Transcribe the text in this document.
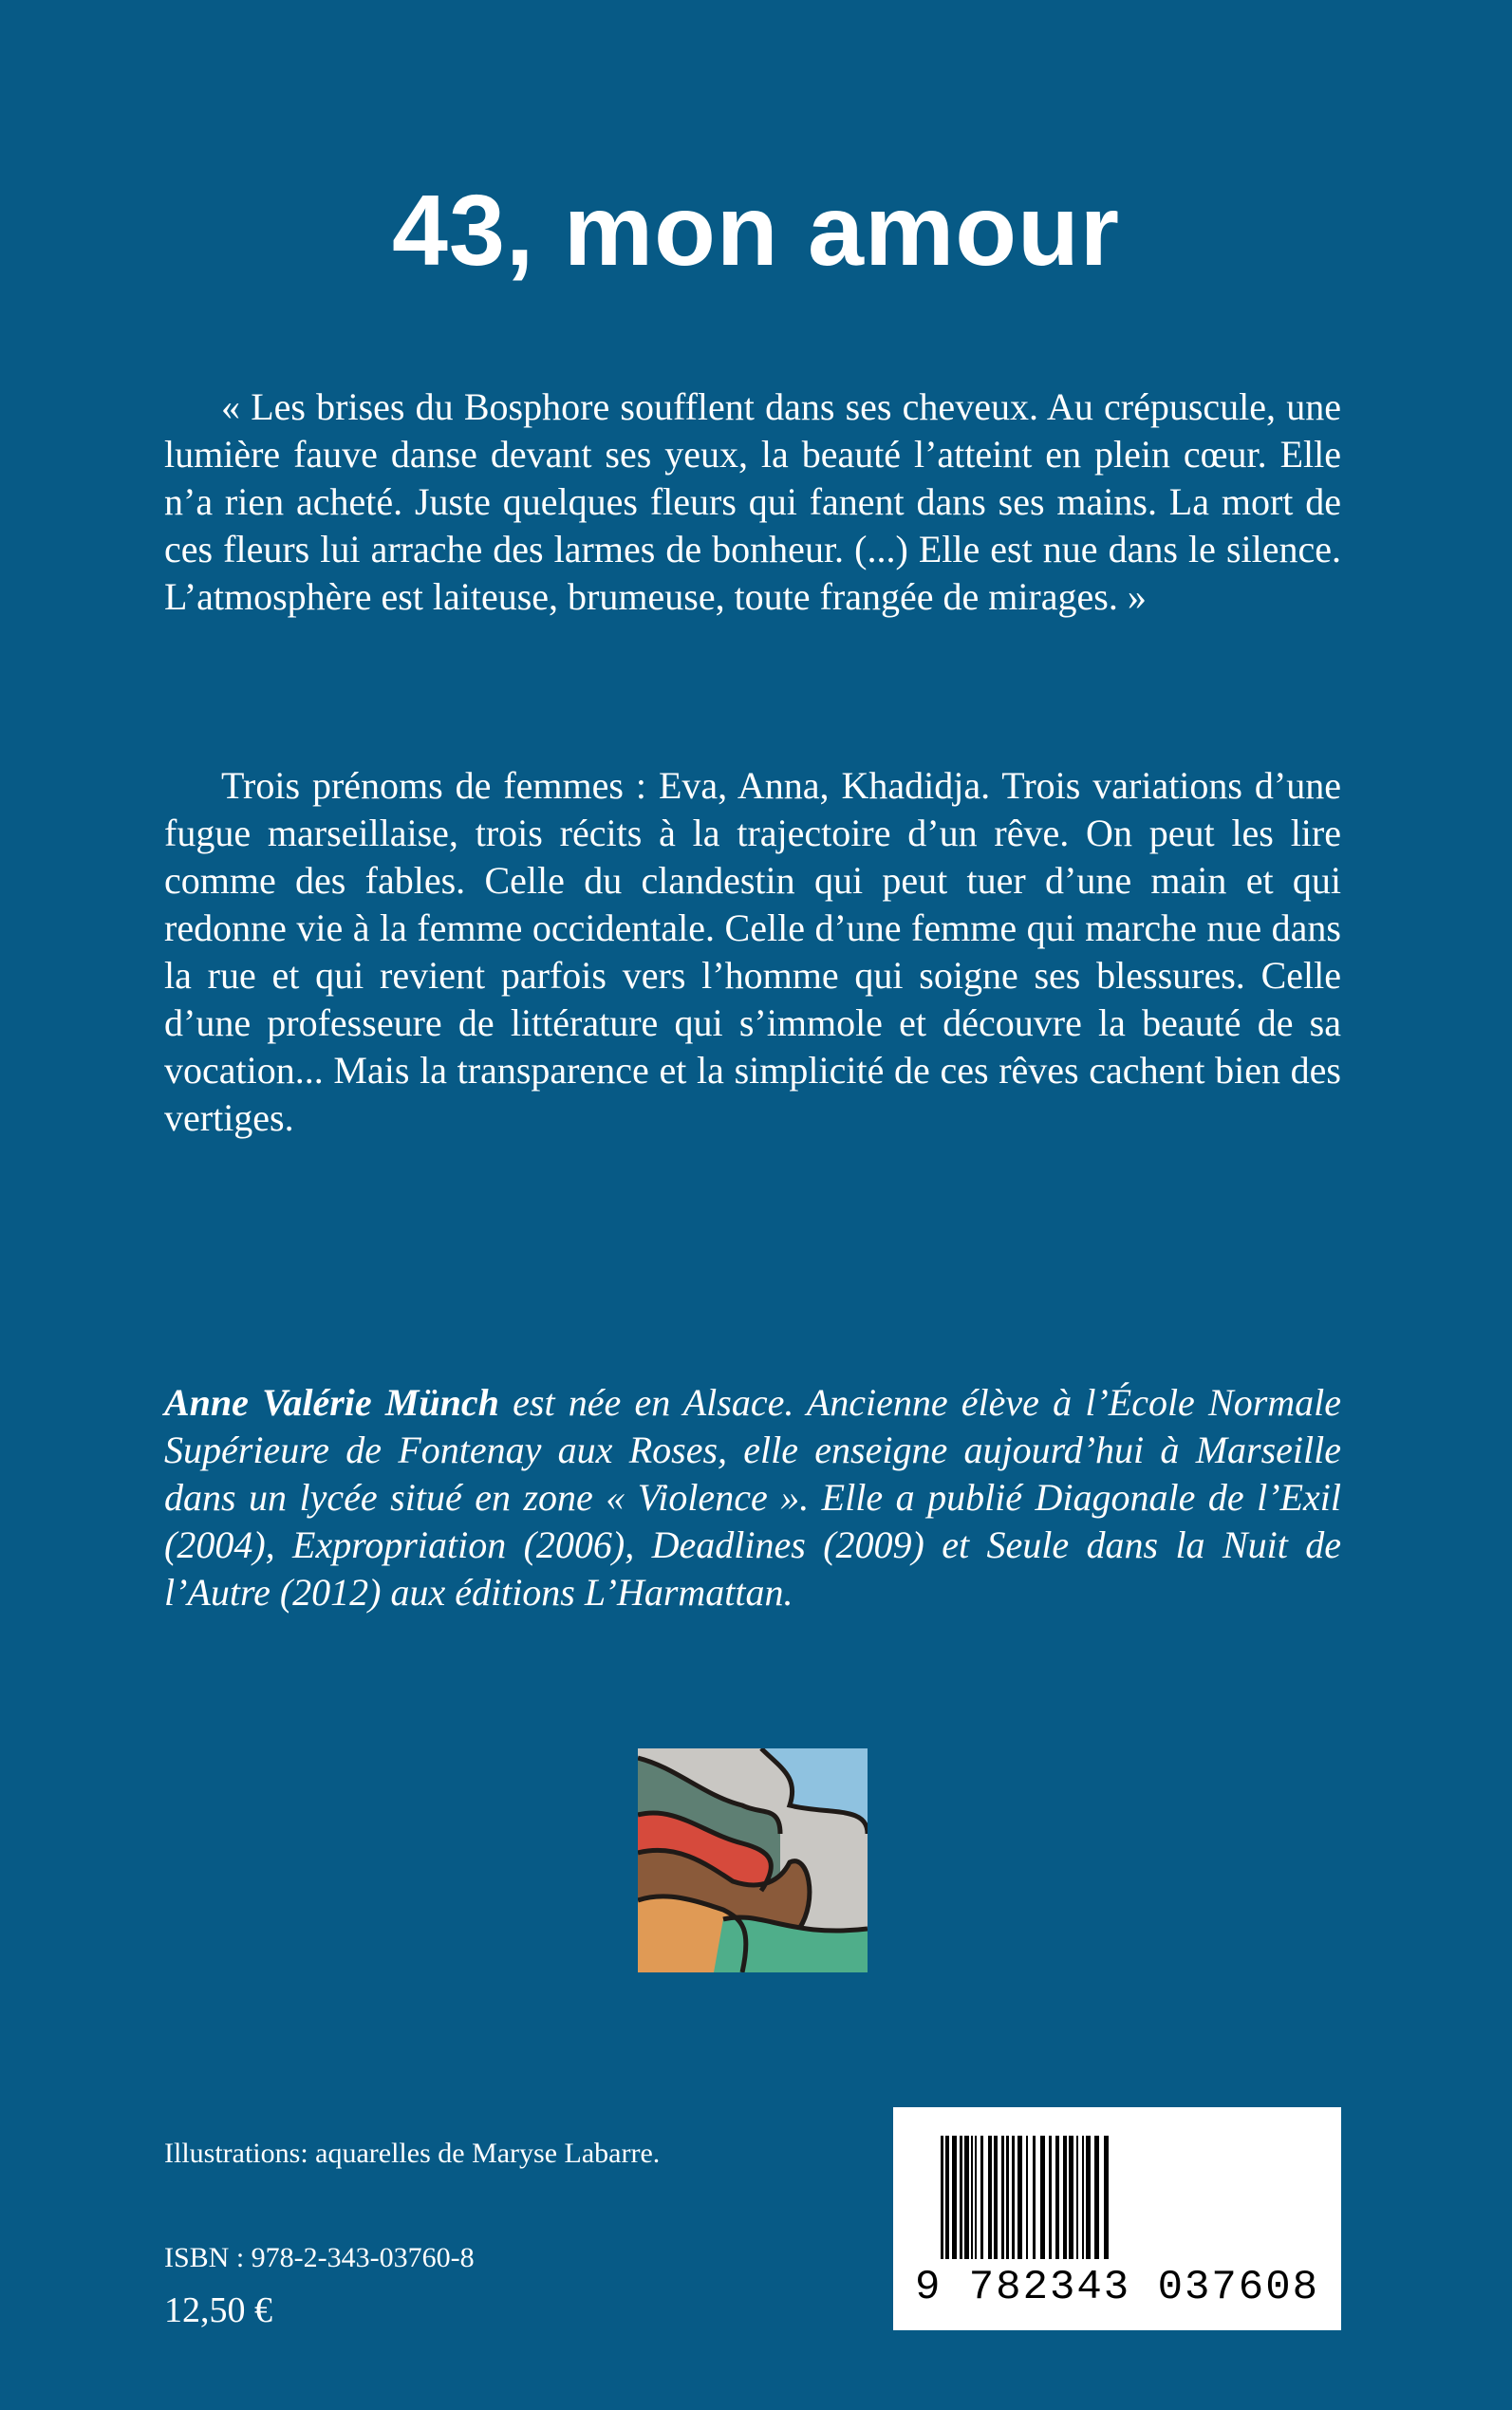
43, mon amour

« Les brises du Bosphore soufflent dans ses cheveux. Au crépuscule, une lumière fauve danse devant ses yeux, la beauté l’atteint en plein cœur. Elle n’a rien acheté. Juste quelques fleurs qui fanent dans ses mains. La mort de ces fleurs lui arrache des larmes de bonheur. (...) Elle est nue dans le silence. L’atmosphère est laiteuse, brumeuse, toute frangée de mirages. »

Trois prénoms de femmes : Eva, Anna, Khadidja. Trois variations d’une fugue marseillaise, trois récits à la trajectoire d’un rêve. On peut les lire comme des fables. Celle du clandestin qui peut tuer d’une main et qui redonne vie à la femme occidentale. Celle d’une femme qui marche nue dans la rue et qui revient parfois vers l’homme qui soigne ses blessures. Celle d’une professeure de littérature qui s’immole et découvre la beauté de sa vocation... Mais la transparence et la simplicité de ces rêves cachent bien des vertiges.

Anne Valérie Münch est née en Alsace. Ancienne élève à l’École Normale Supérieure de Fontenay aux Roses, elle enseigne aujourd’hui à Marseille dans un lycée situé en zone « Violence ». Elle a publié Diagonale de l’Exil (2004), Expropriation (2006), Deadlines (2009) et Seule dans la Nuit de l’Autre (2012) aux éditions L’Harmattan.

Illustrations: aquarelles de Maryse Labarre.

ISBN : 978-2-343-03760-8

12,50 €	9 782343 037608
